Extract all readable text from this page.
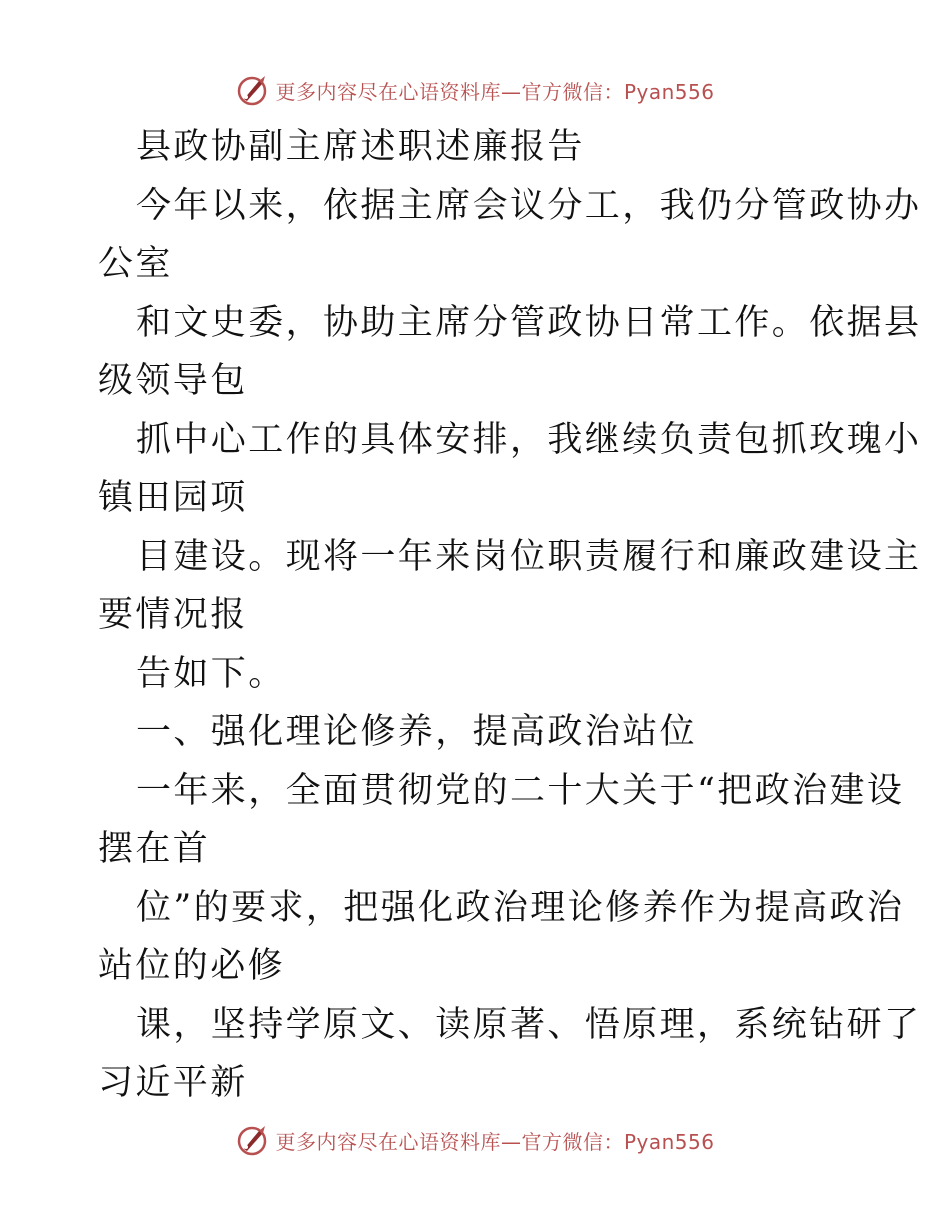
更多内容尽在心语资料库—官方微信：Pyan556
县政协副主席述职述廉报告
今年以来，依据主席会议分工，我仍分管政协办
公室
和文史委，协助主席分管政协日常工作。依据县
级领导包
抓中心工作的具体安排，我继续负责包抓玫瑰小
镇田园项
目建设。现将一年来岗位职责履行和廉政建设主
要情况报
告如下。
一、强化理论修养，提高政治站位
一年来，全面贯彻党的二十大关于“把政治建设
摆在首
位”的要求，把强化政治理论修养作为提高政治
站位的必修
课，坚持学原文、读原著、悟原理，系统钻研了
习近平新
更多内容尽在心语资料库—官方微信：Pyan556
